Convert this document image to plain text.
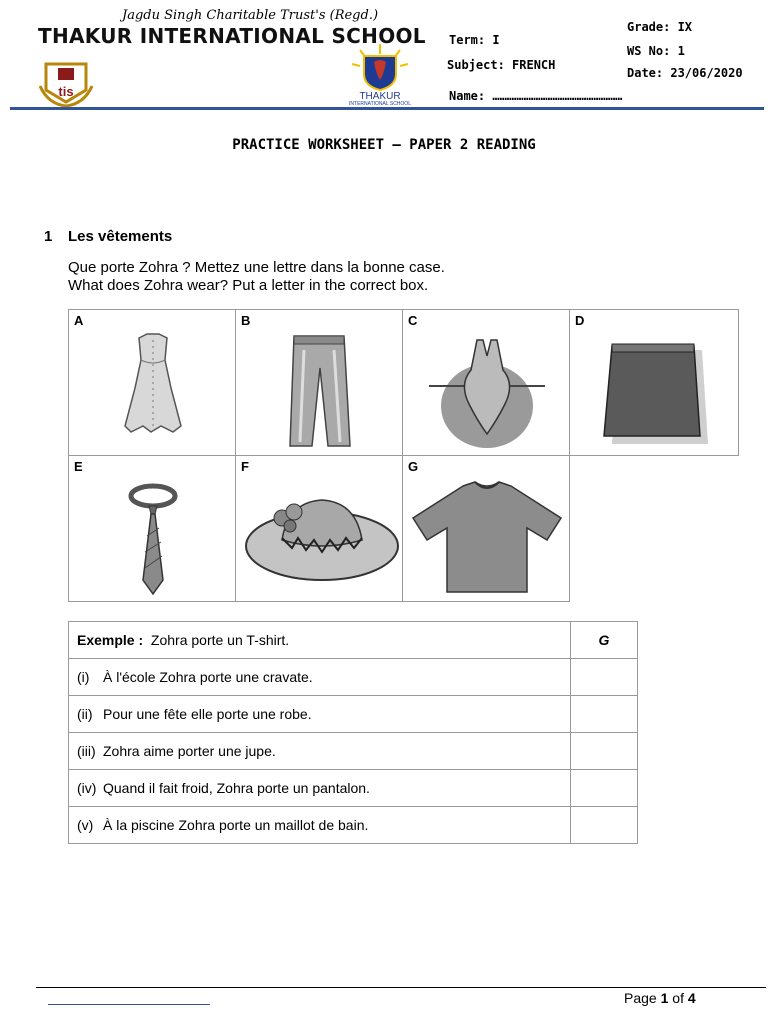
Jagdu Singh Charitable Trust's (Regd.)
THAKUR INTERNATIONAL SCHOOL
tis	THAKUR
INTERNATIONAL SCHOOL
Term: I
Subject: FRENCH
Name: ………………………………………………
Grade: IX
WS No: 1
Date: 23/06/2020
PRACTICE WORKSHEET – PAPER 2 READING
1 Les vêtements
Que porte Zohra ? Mettez une lettre dans la bonne case.
What does Zohra wear? Put a letter in the correct box.
A	B	C	D
E	F	G
Exemple : Zohra porte un T-shirt.	G
(i) À l'école Zohra porte une cravate.	
(ii) Pour une fête elle porte une robe.	
(iii) Zohra aime porter une jupe.	
(iv) Quand il fait froid, Zohra porte un pantalon.	
(v) À la piscine Zohra porte un maillot de bain.	
Page 1 of 4
